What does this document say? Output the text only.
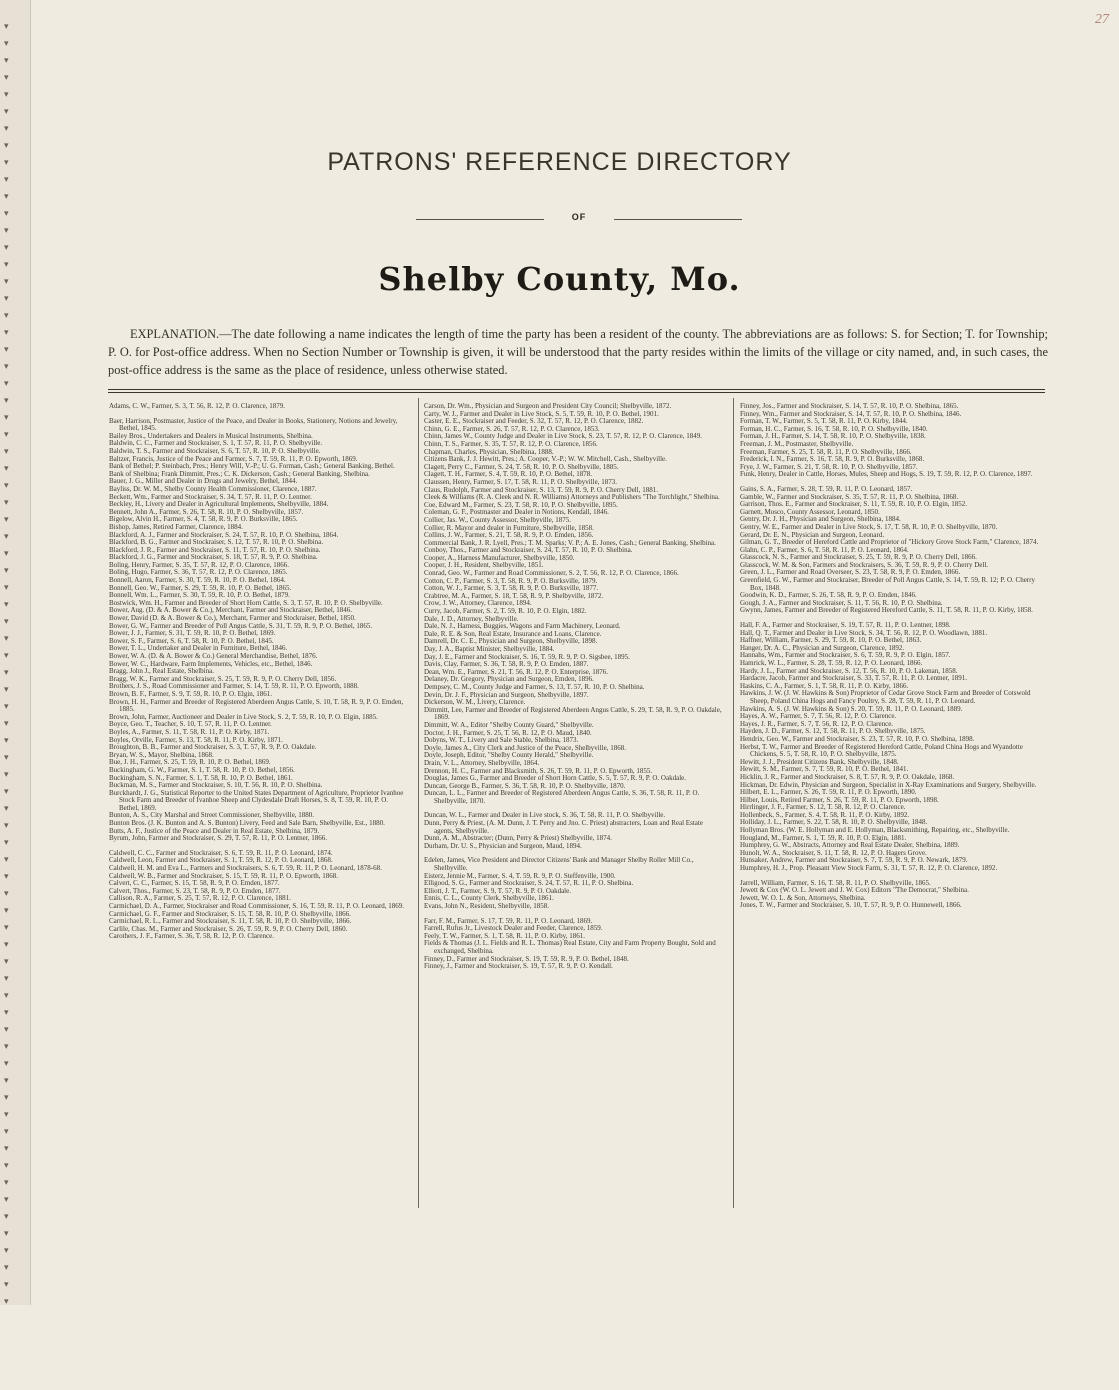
▾
▾
▾
▾
▾
▾
▾
▾
▾
▾
▾
▾
▾
▾
▾
▾
▾
▾
▾
▾
▾
▾
▾
▾
▾
▾
▾
▾
▾
▾
▾
▾
▾
▾
▾
▾
▾
▾
▾
▾
▾
▾
▾
▾
▾
▾
▾
▾
▾
▾
▾
▾
▾
▾
▾
▾
▾
▾
▾
▾
▾
▾
▾
▾
▾
▾
▾
▾
▾
▾
▾
▾
▾
▾
▾
▾
27
PATRONS' REFERENCE DIRECTORY
OF
Shelby County, Mo.
EXPLANATION.—The date following a name indicates the length of time the party has been a resident of the county. The abbreviations are as follows: S. for Section; T. for Township; P. O. for Post-office address. When no Section Number or Township is given, it will be understood that the party resides within the limits of the village or city named, and, in such cases, the post-office address is the same as the place of residence, unless otherwise stated.

Adams, C. W., Farmer, S. 3, T. 56, R. 12, P. O. Clarence, 1879.

Baer, Harrison, Postmaster, Justice of the Peace, and Dealer in Books, Stationery, Notions and Jewelry, Bethel, 1845.

Bailey Bros., Undertakers and Dealers in Musical Instruments, Shelbina.

Baldwin, C. C., Farmer and Stockraiser, S. 1, T. 57, R. 11, P. O. Shelbyville.

Baldwin, T. S., Farmer and Stockraiser, S. 6, T. 57, R. 10, P. O. Shelbyville.

Baltzer, Francis, Justice of the Peace and Farmer, S. 7, T. 59, R. 11, P. O. Epworth, 1869.

Bank of Bethel; P. Steinbach, Pres.; Henry Will, V.-P.; U. G. Forman, Cash.; General Banking, Bethel.

Bank of Shelbina; Frank Dimmitt, Pres.; C. K. Dickerson, Cash.; General Banking, Shelbina.

Bauer, J. G., Miller and Dealer in Drugs and Jewelry, Bethel, 1844.

Bayliss, Dr. W. M., Shelby County Health Commissioner, Clarence, 1887.

Beckett, Wm., Farmer and Stockraiser, S. 34, T. 57, R. 11, P. O. Lentner.

Beckley, H., Livery and Dealer in Agricultural Implements, Shelbyville, 1884.

Bennett, John A., Farmer, S. 26, T. 58, R. 10, P. O. Shelbyville, 1857.

Bigelow, Alvin H., Farmer, S. 4, T. 58, R. 9, P. O. Burksville, 1865.

Bishop, James, Retired Farmer, Clarence, 1884.

Blackford, A. J., Farmer and Stockraiser, S. 24, T. 57, R. 10, P. O. Shelbina, 1864.

Blackford, B. G., Farmer and Stockraiser, S. 12, T. 57, R. 10, P. O. Shelbina.

Blackford, J. R., Farmer and Stockraiser, S. 11, T. 57, R. 10, P. O. Shelbina.

Blackford, J. G., Farmer and Stockraiser, S. 18, T. 57, R. 9, P. O. Shelbina.

Boling, Henry, Farmer, S. 35, T. 57, R. 12, P. O. Clarence, 1866.

Boling, Hugo, Farmer, S. 36, T. 57, R. 12, P. O. Clarence, 1865.

Bonnell, Aaron, Farmer, S. 30, T. 59, R. 10, P. O. Bethel, 1864.

Bonnell, Geo. W., Farmer, S. 29, T. 59, R. 10, P. O. Bethel, 1865.

Bonnell, Wm. L., Farmer, S. 30, T. 59, R. 10, P. O. Bethel, 1879.

Bostwick, Wm. H., Farmer and Breeder of Short Horn Cattle, S. 3, T. 57, R. 10, P. O. Shelbyville.

Bower, Aug. (D. & A. Bower & Co.), Merchant, Farmer and Stockraiser, Bethel, 1846.

Bower, David (D. & A. Bower & Co.), Merchant, Farmer and Stockraiser, Bethel, 1850.

Bower, G. W., Farmer and Breeder of Poll Angus Cattle, S. 31, T. 59, R. 9, P. O. Bethel, 1865.

Bower, J. J., Farmer, S. 31, T. 59, R. 10, P. O. Bethel, 1869.

Bower, S. F., Farmer, S. 6, T. 58, R. 10, P. O. Bethel, 1845.

Bower, T. L., Undertaker and Dealer in Furniture, Bethel, 1846.

Bower, W. A. (D. & A. Bower & Co.) General Merchandise, Bethel, 1876.

Bower, W. C., Hardware, Farm Implements, Vehicles, etc., Bethel, 1846.

Bragg, John J., Real Estate, Shelbina.

Bragg, W. K., Farmer and Stockraiser, S. 25, T. 59, R. 9, P. O. Cherry Dell, 1856.

Brothers, J. S., Road Commissioner and Farmer, S. 14, T. 59, R. 11, P. O. Epworth, 1888.

Brown, B. F., Farmer, S. 9, T. 59, R. 10, P. O. Elgin, 1861.

Brown, H. H., Farmer and Breeder of Registered Aberdeen Angus Cattle, S. 10, T. 58, R. 9, P. O. Emden, 1885.

Brown, John, Farmer, Auctioneer and Dealer in Live Stock, S. 2, T. 59, R. 10, P. O. Elgin, 1885.

Boyce, Geo. T., Teacher, S. 10, T. 57, R. 11, P. O. Lentner.

Boyles, A., Farmer, S. 11, T. 58, R. 11, P. O. Kirby, 1871.

Boyles, Orville, Farmer, S. 13, T. 58, R. 11, P. O. Kirby, 1871.

Broughton, B. B., Farmer and Stockraiser, S. 3, T. 57, R. 9, P. O. Oakdale.

Bryan, W. S., Mayor, Shelbina, 1868.

Bue, J. H., Farmer, S. 25, T. 59, R. 10, P. O. Bethel, 1869.

Buckingham, G. W., Farmer, S. 1, T. 58, R. 10, P. O. Bethel, 1856.

Buckingham, S. N., Farmer, S. 1, T. 58, R. 10, P. O. Bethel, 1861.

Buckman, M. S., Farmer and Stockraiser, S. 10, T. 56, R. 10, P. O. Shelbina.

Burckhardt, J. G., Statistical Reporter to the United States Department of Agriculture, Proprietor Ivanhoe Stock Farm and Breeder of Ivanhoe Sheep and Clydesdale Draft Horses, S. 8, T. 59, R. 10, P. O. Bethel, 1869.

Bunton, A. S., City Marshal and Street Commissioner, Shelbyville, 1880.

Bunton Bros. (J. K. Bunton and A. S. Bunton) Livery, Feed and Sale Barn, Shelbyville, Est., 1880.

Butts, A. F., Justice of the Peace and Dealer in Real Estate, Shelbina, 1879.

Byrum, John, Farmer and Stockraiser, S. 29, T. 57, R. 11, P. O. Lentner, 1866.

Caldwell, C. C., Farmer and Stockraiser, S. 6, T. 59, R. 11, P. O. Leonard, 1874.

Caldwell, Leon, Farmer and Stockraiser, S. 1, T. 59, R. 12, P. O. Leonard, 1868.

Caldwell, H. M. and Eva L., Farmers and Stockraisers, S. 6, T. 59, R. 11, P. O. Leonard, 1878-68.

Caldwell, W. B., Farmer and Stockraiser, S. 15, T. 59, R. 11, P. O. Epworth, 1868.

Calvert, C. C., Farmer, S. 15, T. 58, R. 9, P. O. Emden, 1877.

Calvert, Thos., Farmer, S. 23, T. 58, R. 9, P. O. Emden, 1877.

Callison, R. A., Farmer, S. 25, T. 57, R. 12, P. O. Clarence, 1881.

Carmichael, D. A., Farmer, Stockraiser and Road Commissioner, S. 16, T. 59, R. 11, P. O. Leonard, 1869.

Carmichael, G. F., Farmer and Stockraiser, S. 15, T. 58, R. 10, P. O. Shelbyville, 1866.

Carmichael, R. L., Farmer and Stockraiser, S. 11, T. 58, R. 10, P. O. Shelbyville, 1866.

Carlile, Chas. M., Farmer and Stockraiser, S. 26, T. 59, R. 9, P. O. Cherry Dell, 1860.

Carothers, J. F., Farmer, S. 36, T. 58, R. 12, P. O. Clarence.

Carson, Dr. Wm., Physician and Surgeon and President City Council; Shelbyville, 1872.

Carty, W. J., Farmer and Dealer in Live Stock, S. 5, T. 59, R. 10, P. O. Bethel, 1901.

Caster, E. E., Stockraiser and Feeder, S. 32, T. 57, R. 12, P. O. Clarence, 1882.

Chinn, G. E., Farmer, S. 26, T. 57, R. 12, P. O. Clarence, 1853.

Chinn, James W., County Judge and Dealer in Live Stock, S. 23, T. 57, R. 12, P. O. Clarence, 1849.

Chinn, T. S., Farmer, S. 35, T. 57, R. 12, P. O. Clarence, 1856.

Chapman, Charles, Physician, Shelbina, 1888.

Citizens Bank, J. J. Hewitt, Pres.; A. Cooper, V.-P.; W. W. Mitchell, Cash., Shelbyville.

Clagett, Perry C., Farmer, S. 24, T. 58, R. 10, P. O. Shelbyville, 1885.

Clagett, T. H., Farmer, S. 4, T. 59, R. 10, P. O. Bethel, 1878.

Claussen, Henry, Farmer, S. 17, T. 58, R. 11, P. O. Shelbyville, 1873.

Claus, Rudolph, Farmer and Stockraiser, S. 13, T. 59, R. 9, P. O. Cherry Dell, 1881.

Cleek & Williams (R. A. Cleek and N. R. Williams) Attorneys and Publishers "The Torchlight," Shelbina.

Coe, Edward M., Farmer, S. 23, T. 58, R. 10, P. O. Shelbyville, 1895.

Coleman, G. F., Postmaster and Dealer in Notions, Kendall, 1846.

Collier, Jas. W., County Assessor, Shelbyville, 1875.

Collier, R. Mayor and dealer in Furniture, Shelbyville, 1858.

Collins, J. W., Farmer, S. 21, T. 58, R. 9, P. O. Emden, 1856.

Commercial Bank, J. R. Lyell, Pres.; T. M. Sparks; V. P.; A. E. Jones, Cash.; General Banking, Shelbina.

Conboy, Thos., Farmer and Stockraiser, S. 24, T. 57, R. 10, P. O. Shelbina.

Cooper, A., Harness Manufacturer, Shelbyville, 1850.

Cooper, J. H., Resident, Shelbyville, 1851.

Conrad, Geo. W., Farmer and Road Commissioner, S. 2, T. 56, R. 12, P. O. Clarence, 1866.

Cotton, C. P., Farmer, S. 3, T. 58, R. 9, P. O. Burksville, 1879.

Cotton, W. J., Farmer, S. 3, T. 58, R. 9, P. O. Burksville, 1877.

Crabtree, M. A., Farmer, S. 18, T. 58, R. 9, P. Shelbyville, 1872.

Crow, J. W., Attorney, Clarence, 1894.

Curry, Jacob, Farmer, S. 2, T. 59, R. 10, P. O. Elgin, 1882.

Dale, J. D., Attorney, Shelbyville.

Dale, N. J., Harness, Buggies, Wagons and Farm Machinery, Leonard.

Dale, R. E. & Son, Real Estate, Insurance and Loans, Clarence.

Damrell, Dr. C. E., Physician and Surgeon, Shelbyville, 1898.

Day, J. A., Baptist Minister, Shelbyville, 1884.

Day, J. E., Farmer and Stockraiser, S. 16, T. 59, R. 9, P. O. Sigsbee, 1895.

Davis, Clay, Farmer, S. 36, T. 58, R. 9, P. O. Emden, 1887.

Dean, Wm. E., Farmer, S. 21, T. 56, R. 12, P. O. Enterprise, 1876.

Delaney, Dr. Gregory, Physician and Surgeon, Emden, 1896.

Dempsey, C. M., County Judge and Farmer, S. 13, T. 57, R. 10, P. O. Shelbina.

Devin, Dr. J. F., Physician and Surgeon, Shelbyville, 1897.

Dickerson, W. M., Livery, Clarence.

Dimmitt, Lee, Farmer and Breeder of Registered Aberdeen Angus Cattle, S. 29, T. 58, R. 9, P. O. Oakdale, 1869.

Dimmitt, W. A., Editor "Shelby County Guard," Shelbyville.

Doctor, J. H., Farmer, S. 25, T. 56, R. 12, P. O. Maud, 1840.

Dobyns, W. T., Livery and Sale Stable, Shelbina, 1873.

Doyle, James A., City Clerk and Justice of the Peace, Shelbyville, 1868.

Doyle, Joseph, Editor, "Shelby County Herald," Shelbyville.

Drain, V. L., Attorney, Shelbyville, 1864.

Drennon, H. C., Farmer and Blacksmith, S. 26, T. 59, R. 11, P. O. Epworth, 1855.

Douglas, James G., Farmer and Breeder of Short Horn Cattle, S. 5, T. 57, R. 9, P. O. Oakdale.

Duncan, George B., Farmer, S. 36, T. 58, R. 10, P. O. Shelbyville, 1870.

Duncan, L. L., Farmer and Breeder of Registered Aberdeen Angus Cattle, S. 36, T. 58, R. 11, P. O. Shelbyville, 1870.

Duncan, W. L., Farmer and Dealer in Live stock, S. 36, T. 58, R. 11, P. O. Shelbyville.

Dunn, Perry & Priest, (A. M. Dunn, J. T. Perry and Jno. C. Priest) abstracters, Loan and Real Estate agents, Shelbyville.

Dunn, A. M., Abstracter; (Dunn, Perry & Priest) Shelbyville, 1874.

Durham, Dr. U. S., Physician and Surgeon, Maud, 1894.

Edelen, James, Vice President and Director Citizens' Bank and Manager Shelby Roller Mill Co., Shelbyville.

Eisterz, Jennie M., Farmer, S. 4, T. 59, R. 9, P. O. Steffenville, 1900.

Elligood, S. G., Farmer and Stockraiser, S. 24, T. 57, R. 11, P. O. Shelbina.

Elliott, J. T., Farmer, S. 9, T. 57, R. 9, P. O. Oakdale.

Ennis, C. L., County Clerk, Shelbyville, 1861.

Evans, John N., Resident, Shelbyville, 1858.

Farr, F. M., Farmer, S. 17, T. 59, R. 11, P. O. Leonard, 1869.

Farrell, Rufus Jr., Livestock Dealer and Feeder, Clarence, 1859.

Feely, T. W., Farmer, S. 1, T. 58, R. 11, P. O. Kirby, 1861.

Fields & Thomas (J. L. Fields and R. L. Thomas) Real Estate, City and Farm Property Bought, Sold and exchanged, Shelbina.

Finney, D., Farmer and Stockraiser, S. 19, T. 59, R. 9, P. O. Bethel, 1848.

Finney, J., Farmer and Stockraiser, S. 19, T. 57, R. 9, P. O. Kendall.

Finney, Jos., Farmer and Stockraiser, S. 14, T. 57, R. 10, P. O. Shelbina, 1865.

Finney, Wm., Farmer and Stockraiser, S. 14, T. 57, R. 10, P. O. Shelbina, 1846.

Forman, T. W., Farmer, S. 5, T. 58, R. 11, P. O. Kirby, 1844.

Forman, H. C., Farmer, S. 16, T. 58, R. 10, P. O. Shelbyville, 1840.

Forman, J. H., Farmer, S. 14, T. 58, R. 10, P. O. Shelbyville, 1838.

Freeman, J. M., Postmaster, Shelbyville.

Freeman, Farmer, S. 25, T. 58, R. 11, P. O. Shelbyville, 1866.

Frederick, I. N., Farmer, S. 16, T. 58, R. 9, P. O. Burksville, 1868.

Frye, J. W., Farmer, S. 21, T. 58, R. 10, P. O. Shelbyville, 1857.

Funk, Henry, Dealer in Cattle, Horses, Mules, Sheep and Hogs, S. 19, T. 59, R. 12, P. O. Clarence, 1897.

Gains, S. A., Farmer, S. 28, T. 59, R. 11, P. O. Leonard, 1857.

Gamble, W., Farmer and Stockraiser, S. 35, T. 57, R. 11, P. O. Shelbina, 1868.

Garrison, Thos. E., Farmer and Stockraiser, S. 11, T. 59, R. 10, P. O. Elgin, 1852.

Garnett, Mosco, County Assessor, Leonard, 1850.

Gentry, Dr. J. H., Physician and Surgeon, Shelbina, 1884.

Gentry, W. E., Farmer and Dealer in Live Stock, S. 17, T. 58, R. 10, P. O. Shelbyville, 1870.

Gerard, Dr. E. N., Physician and Surgeon, Leonard.

Gilman, G. T., Breeder of Hereford Cattle and Proprietor of "Hickory Grove Stock Farm," Clarence, 1874.

Glahn, C. P., Farmer, S. 6, T. 58, R. 11, P. O. Leonard, 1864.

Glasscock, N. S., Farmer and Stockraiser, S. 25, T. 59, R. 9, P. O. Cherry Dell, 1866.

Glasscock, W. M. & Son, Farmers and Stockraisers, S. 36, T. 59, R. 9, P. O. Cherry Dell.

Green, J. L., Farmer and Road Overseer, S. 23, T. 58, R. 9, P. O. Emden, 1866.

Greenfield, G. W., Farmer and Stockraiser, Breeder of Poll Angus Cattle, S. 14, T. 59, R. 12; P. O. Cherry Box, 1848.

Goodwin, K. D., Farmer, S. 26, T. 58, R. 9, P. O. Emden, 1846.

Gough, J. A., Farmer and Stockraiser, S. 11, T. 56, R. 10, P. O. Shelbina.

Gwynn, James, Farmer and Breeder of Registered Hereford Cattle, S. 11, T. 58, R. 11, P. O. Kirby, 1858.

Hall, F. A., Farmer and Stockraiser, S. 19, T. 57, R. 11, P. O. Lentner, 1898.

Hall, Q. T., Farmer and Dealer in Live Stock, S. 34, T. 56, R. 12, P. O. Woodlawn, 1881.

Haffner, William, Farmer, S. 29, T. 59, R. 10, P. O. Bethel, 1863.

Hanger, Dr. A. C., Physician and Surgeon, Clarence, 1892.

Hannahs, Wm., Farmer and Stockraiser, S. 6, T. 59, R. 9, P. O. Elgin, 1857.

Hamrick, W. L., Farmer, S. 28, T. 59, R. 12, P. O. Leonard, 1866.

Hardy, J. L., Farmer and Stockraiser, S. 12, T. 56, R. 10, P. O. Lakenan, 1858.

Hardacre, Jacob, Farmer and Stockraiser, S. 33, T. 57, R. 11, P. O. Lentner, 1891.

Haskins, C. A., Farmer, S. 1, T. 58, R. 11, P. O. Kirby, 1866.

Hawkins, J. W. (J. W. Hawkins & Son) Proprietor of Cedar Grove Stock Farm and Breeder of Cotswold Sheep, Poland China Hogs and Fancy Poultry, S. 28, T. 59, R. 11, P. O. Leonard.

Hawkins, A. S. (J. W. Hawkins & Son) S. 20, T. 59, R. 11, P. O. Leonard, 1889.

Hayes, A. W., Farmer, S. 7, T. 56, R. 12, P. O. Clarence.

Hayes, J. R., Farmer, S. 7, T. 56, R. 12, P. O. Clarence.

Hayden, J. D., Farmer, S. 12, T. 58, R. 11, P. O. Shelbyville, 1875.

Hendrix, Geo. W., Farmer and Stockraiser, S. 23, T. 57, R. 10, P. O. Shelbina, 1898.

Herbst, T. W., Farmer and Breeder of Registered Hereford Cattle, Poland China Hogs and Wyandotte Chickens, S. 5, T. 58, R. 10, P. O. Shelbyville, 1875.

Hewitt, J. J., President Citizens Bank, Shelbyville, 1848.

Hewitt, S. M., Farmer, S. 7, T. 59, R. 10, P. O. Bethel, 1841.

Hicklin, J. R., Farmer and Stockraiser, S. 8, T. 57, R. 9, P. O. Oakdale, 1868.

Hickman, Dr. Edwin, Physician and Surgeon, Specialist in X-Ray Examinations and Surgery, Shelbyville.

Hilbert, E. L., Farmer, S. 26, T. 59, R. 11, P. O. Epworth, 1890.

Hilber, Louis, Retired Farmer, S. 26, T. 59, R. 11, P. O. Epworth, 1898.

Hirrlinger, J. F., Farmer, S. 12, T. 58, R. 12, P. O. Clarence.

Hollenbeck, S., Farmer, S. 4, T. 58, R. 11, P. O. Kirby, 1892.

Holliday, J. L., Farmer, S. 22, T. 58, R. 10, P. O. Shelbyville, 1848.

Hollyman Bros. (W. E. Hollyman and E. Hollyman, Blacksmithing, Repairing, etc., Shelbyville.

Hougland, M., Farmer, S. 1, T. 59, R. 10, P. O. Elgin, 1881.

Humphrey, G. W., Abstracts, Attorney and Real Estate Dealer, Shelbina, 1889.

Hunolt, W. A., Stockraiser, S. 11, T. 58, R. 12, P. O. Hagers Grove.

Hunsaker, Andrew, Farmer and Stockraiser, S. 7, T. 59, R. 9, P. O. Newark, 1879.

Humphrey, H. J., Prop. Pleasant View Stock Farm, S. 31, T. 57, R. 12, P. O. Clarence, 1892.

Jarrell, William, Farmer, S. 16, T. 58, R. 11, P. O. Shelbyville, 1865.

Jewett & Cox (W. O. L. Jewett and J. W. Cox) Editors "The Democrat," Shelbina.

Jewett, W. O. L. & Son, Attorneys, Shelbina.

Jones, T. W., Farmer and Stockraiser, S. 10, T. 57, R. 9, P. O. Hunnewell, 1866.
